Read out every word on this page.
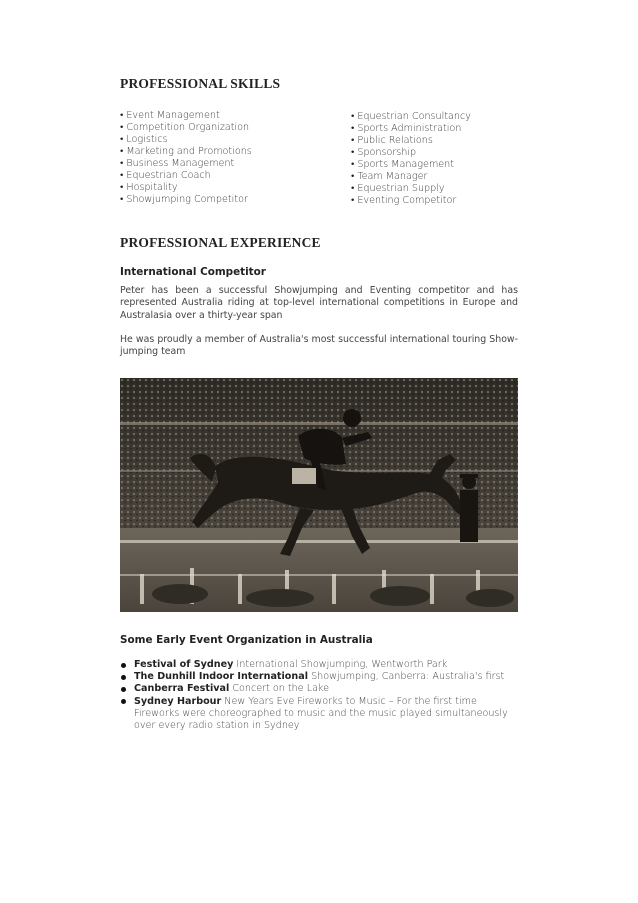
PROFESSIONAL SKILLS
• Event Management
• Competition Organization
• Logistics
• Marketing and Promotions
• Business Management
• Equestrian Coach
• Hospitality
• Showjumping Competitor
• Equestrian Consultancy
• Sports Administration
• Public Relations
• Sponsorship
• Sports Management
• Team Manager
• Equestrian Supply
• Eventing Competitor
PROFESSIONAL EXPERIENCE
International Competitor

Peter has been a successful Showjumping and Eventing competitor and has represented Australia riding at top-level international competitions in Europe and Australasia over a thirty-year span

He was proudly a member of Australia's most successful international touring Show-jumping team

Some Early Event Organization in Australia
Festival of Sydney International Showjumping, Wentworth Park
The Dunhill Indoor International Showjumping, Canberra: Australia's first
Canberra Festival Concert on the Lake
Sydney Harbour New Years Eve Fireworks to Music – For the first time Fireworks were choreographed to music and the music played simultaneously over every radio station in Sydney
